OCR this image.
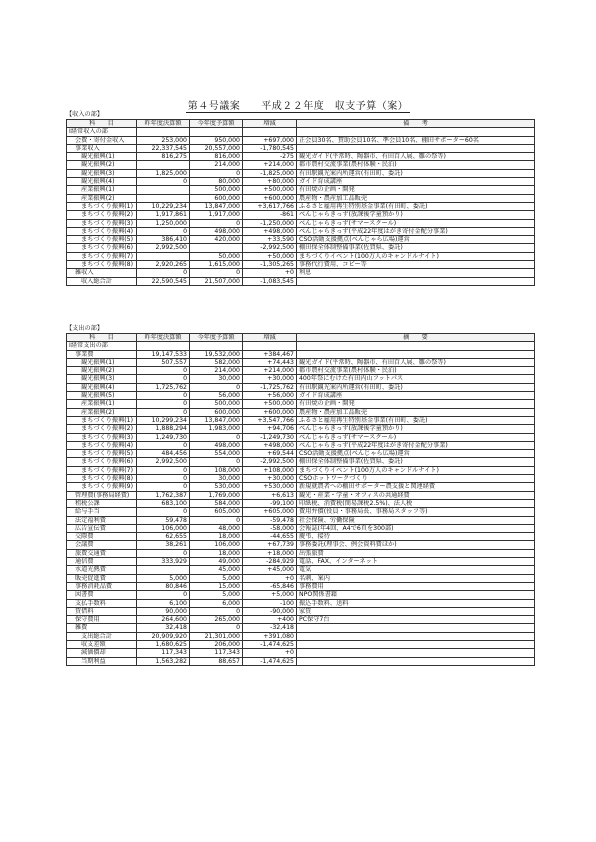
第４号議案　　平成２２年度　収支予算（案）
【収入の部】
科　　目	昨年度決算額	今年度予算額	増減	備　　考
Ⅰ経常収入の部				
会費・寄付金収入	253,000	950,000	+697,000	正会員30名、賛助会員10名、準会員10名、棚田サポーター60名
事業収入	22,337,545	20,557,000	-1,780,545	
観光振興(1)	816,275	816,000	-275	観光ガイド(平常時、陶器市、有田百人展、雛の祭等)
観光振興(2)		214,000	+214,000	都市農村交流事業(農村体験・民泊)
観光振興(3)	1,825,000	0	-1,825,000	有田駅観光案内所運営(有田町、委託)
観光振興(4)	0	80,000	+80,000	ガイド育成講座
産業振興(1)		500,000	+500,000	有田焼の企画・開発
産業振興(2)		600,000	+600,000	農産物・農産加工品販売
まちづくり振興(1)	10,229,234	13,847,000	+3,617,766	ふるさと雇用再生特別基金事業(有田町、委託)
まちづくり振興(2)	1,917,861	1,917,000	-861	べんじゃらきっず(放課後学童預かり)
まちづくり振興(3)	1,250,000	0	-1,250,000	べんじゃらきっず(サマースクール)
まちづくり振興(4)	0	498,000	+498,000	べんじゃらきっず(平成22年度はがき寄付金配分事業)
まちづくり振興(5)	386,410	420,000	+33,590	CSO活動支援拠点(べんじゃら広場)運営
まちづくり振興(6)	2,992,500		-2,992,500	棚田保全体制整備事業(佐賀県、委託)
まちづくり振興(7)		50,000	+50,000	まちづくりイベント(100万人のキャンドルナイト)
まちづくり振興(8)	2,920,265	1,615,000	-1,305,265	事務代行費用、コピー等
雑収入	0	0	+0	利息
収入総合計	22,590,545	21,507,000	-1,083,545	
【支出の部】
科　　目	昨年度決算額	今年度予算額	増減	摘　　要
Ⅰ経常支出の部				
事業費	19,147,533	19,532,000	+384,467	
観光振興(1)	507,557	582,000	+74,443	観光ガイド(平常時、陶器市、有田百人展、雛の祭等)
観光振興(2)	0	214,000	+214,000	都市農村交流事業(農村体験・民泊)
観光振興(3)	0	30,000	+30,000	400年祭にむけた有田内山フットパス
観光振興(4)	1,725,762	0	-1,725,762	有田駅観光案内所運営(有田町、委託)
観光振興(5)	0	56,000	+56,000	ガイド育成講座
産業振興(1)	0	500,000	+500,000	有田焼の企画・開発
産業振興(2)	0	600,000	+600,000	農産物・農産加工品販売
まちづくり振興(1)	10,299,234	13,847,000	+3,547,766	ふるさと雇用再生特別基金事業(有田町、委託)
まちづくり振興(2)	1,888,294	1,983,000	+94,706	べんじゃらきっず(放課後学童預かり)
まちづくり振興(3)	1,249,730	0	-1,249,730	べんじゃらきっず(サマースクール)
まちづくり振興(4)	0	498,000	+498,000	べんじゃらきっず(平成22年度はがき寄付金配分事業)
まちづくり振興(5)	484,456	554,000	+69,544	CSO活動支援拠点(べんじゃら広場)運営
まちづくり振興(6)	2,992,500	0	-2,992,500	棚田保全体制整備事業(佐賀県、委託)
まちづくり振興(7)	0	108,000	+108,000	まちづくりイベント(100万人のキャンドルナイト)
まちづくり振興(8)	0	30,000	+30,000	CSOホットワークづくり
まちづくり振興(9)	0	530,000	+530,000	新規就農者への棚田サポーター農支援と関連経費
管理費(事務局経費)	1,762,387	1,769,000	+6,613	観光・産業・学童・オフィスの共通経費
租税公課	683,100	584,000	-99,100	印紙税、消費税(簡易課税2.5%)、法人税
給与手当	0	605,000	+605,000	費用弁償(役員・事務局長、事務局スタッフ等)
法定福利費	59,478	0	-59,478	社会保険、労働保険
広告宣伝費	106,000	48,000	-58,000	会報誌(年4回、A4で6頁を300部)
交際費	62,655	18,000	-44,655	慶弔、接待
会議費	38,261	106,000	+67,739	事務委託(理事会、例会資料費ほか)
旅費交通費	0	18,000	+18,000	出張旅費
通信費	333,929	49,000	-284,929	電話、FAX、インターネット
水道光熱費		45,000	+45,000	電気
販売促進費	5,000	5,000	+0	名刺、案内
事務消耗品費	80,846	15,000	-65,846	事務費用
図書費	0	5,000	+5,000	NPO関係書籍
支払手数料	6,100	6,000	-100	振込手数料、送料
賃借料	90,000	0	-90,000	家賃
保守費用	264,600	265,000	+400	PC保守7台
雑費	32,418	0	-32,418	
支出総合計	20,909,920	21,301,000	+391,080	
収支差額	1,680,625	206,000	-1,474,625	
減価償却	117,343	117,343	+0	
当期利益	1,563,282	88,657	-1,474,625	
